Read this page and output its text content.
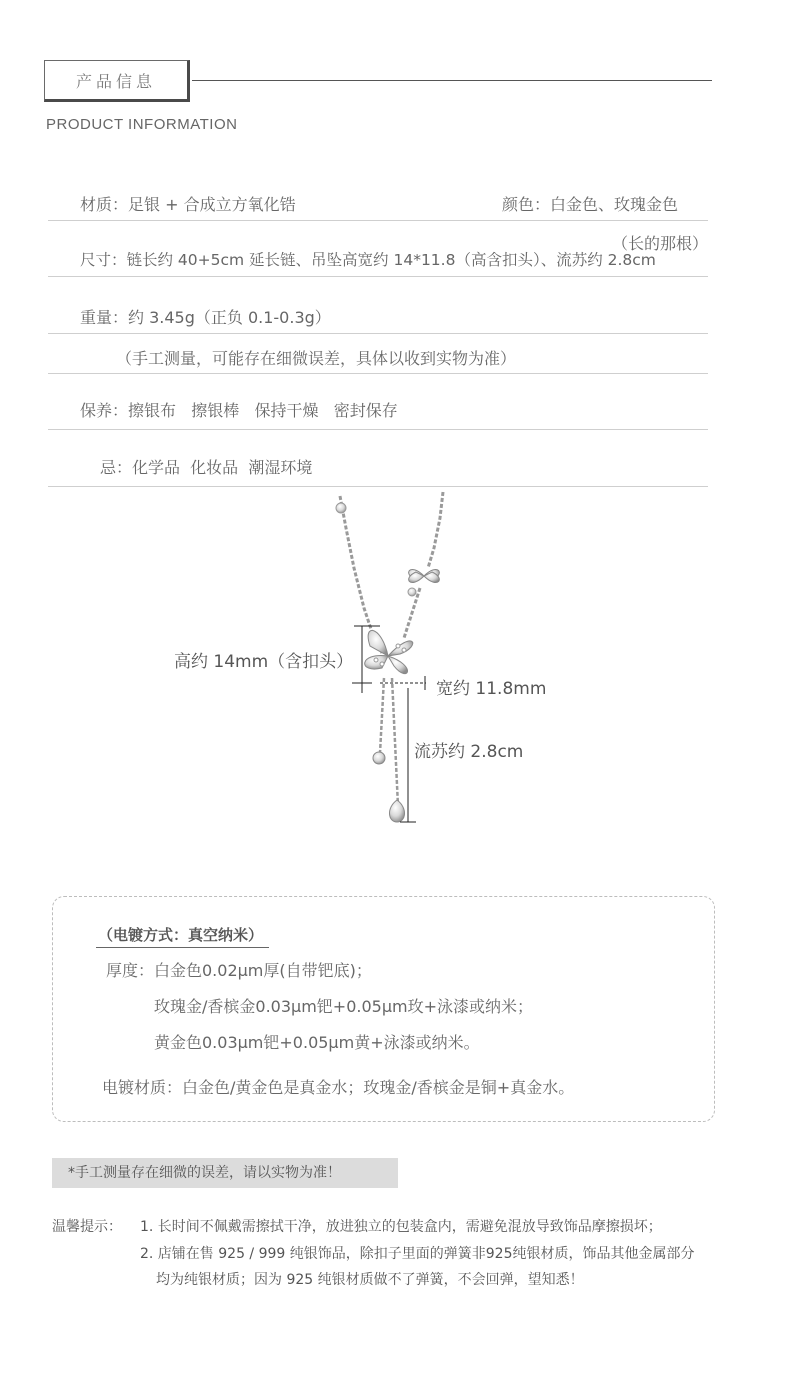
产品信息
PRODUCT INFORMATION
材质：足银 + 合成立方氧化锆	颜色：白金色、玫瑰金色
（长的那根）
尺寸：链长约 40+5cm 延长链、吊坠高宽约 14*11.8（高含扣头）、流苏约 2.8cm
重量：约 3.45g（正负 0.1-0.3g）
（手工测量，可能存在细微误差，具体以收到实物为准）
保养：擦银布   擦银棒   保持干燥   密封保存
忌：化学品  化妆品  潮湿环境
高约 14mm（含扣头）
宽约 11.8mm
流苏约 2.8cm
（电镀方式：真空纳米）
厚度：白金色0.02μm厚(自带钯底)；
玫瑰金/香槟金0.03μm钯+0.05μm玫+泳漆或纳米；
黄金色0.03μm钯+0.05μm黄+泳漆或纳米。
电镀材质：白金色/黄金色是真金水；玫瑰金/香槟金是铜+真金水。
*手工测量存在细微的误差，请以实物为准！
温馨提示： 1. 长时间不佩戴需擦拭干净，放进独立的包装盒内，需避免混放导致饰品摩擦损坏；
2. 店铺在售 925 / 999 纯银饰品，除扣子里面的弹簧非925纯银材质，饰品其他金属部分
均为纯银材质；因为 925 纯银材质做不了弹簧，不会回弹，望知悉！
